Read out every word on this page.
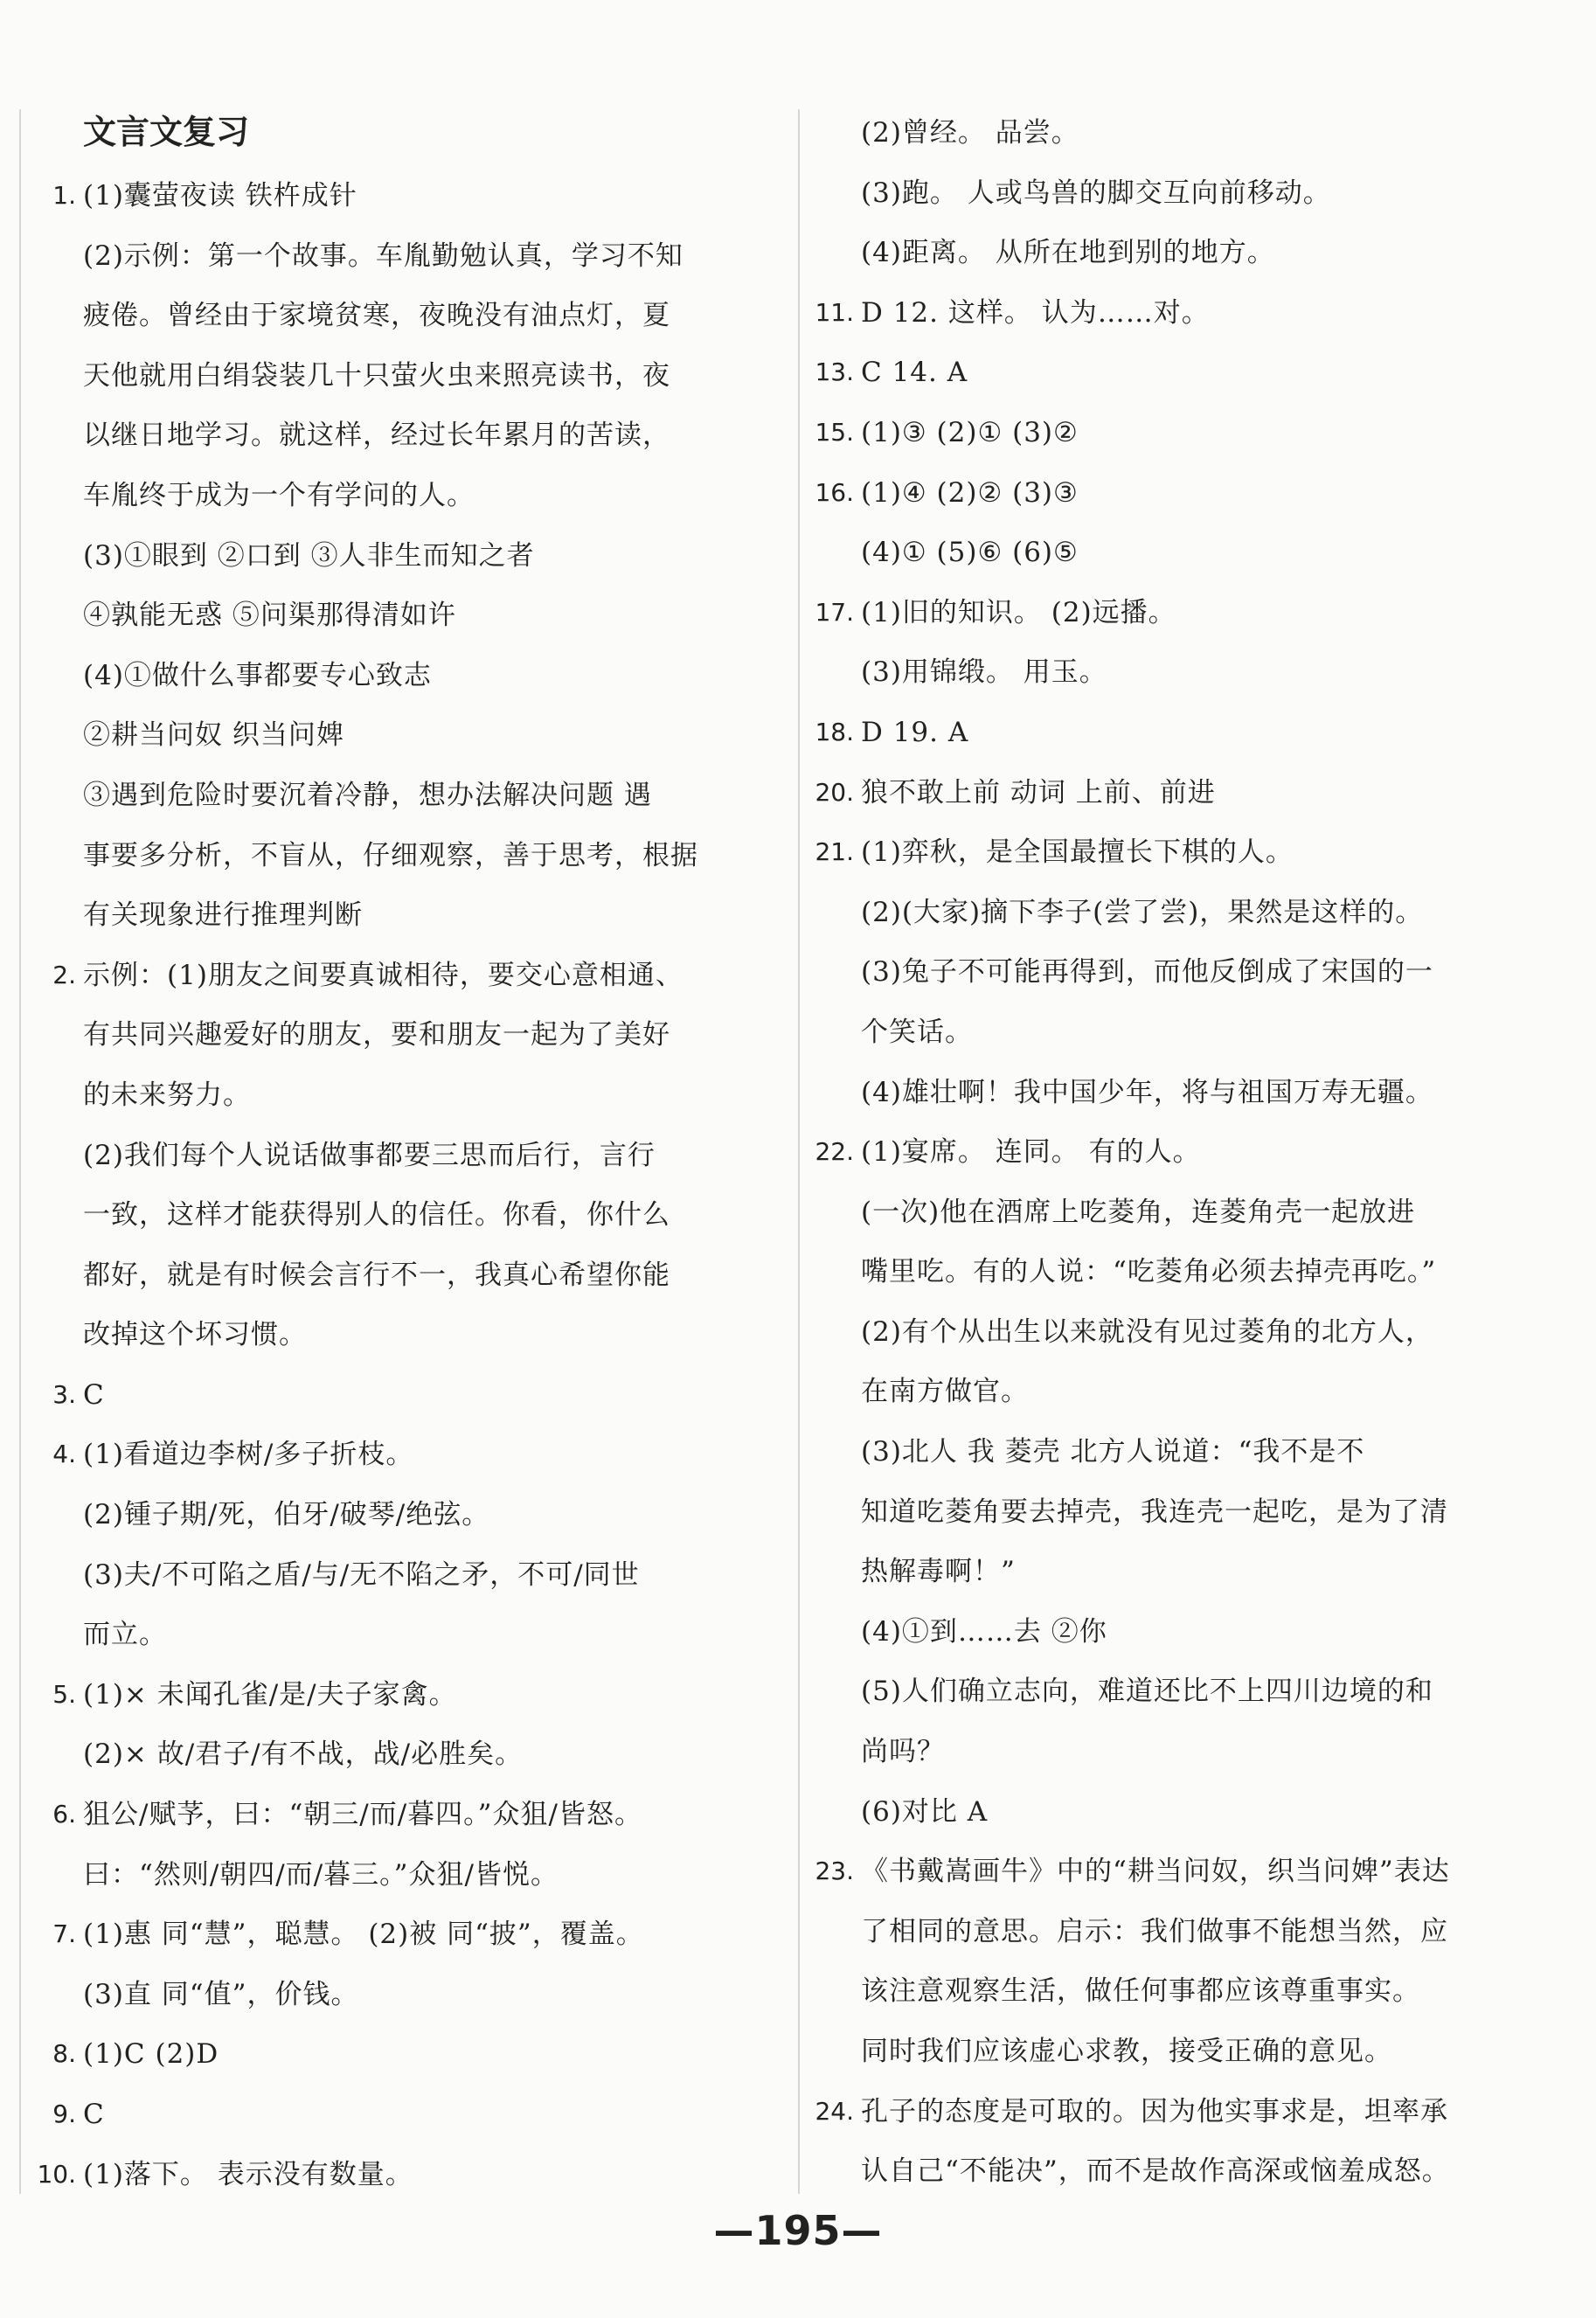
文言文复习
1. (1)囊萤夜读 铁杵成针
(2)示例：第一个故事。车胤勤勉认真，学习不知
疲倦。曾经由于家境贫寒，夜晚没有油点灯，夏
天他就用白绢袋装几十只萤火虫来照亮读书，夜
以继日地学习。就这样，经过长年累月的苦读，
车胤终于成为一个有学问的人。
(3)①眼到 ②口到 ③人非生而知之者
④孰能无惑 ⑤问渠那得清如许
(4)①做什么事都要专心致志
②耕当问奴 织当问婢
③遇到危险时要沉着冷静，想办法解决问题 遇
事要多分析，不盲从，仔细观察，善于思考，根据
有关现象进行推理判断
2. 示例：(1)朋友之间要真诚相待，要交心意相通、
有共同兴趣爱好的朋友，要和朋友一起为了美好
的未来努力。
(2)我们每个人说话做事都要三思而后行，言行
一致，这样才能获得别人的信任。你看，你什么
都好，就是有时候会言行不一，我真心希望你能
改掉这个坏习惯。
3. C
4. (1)看道边李树/多子折枝。
(2)锺子期/死，伯牙/破琴/绝弦。
(3)夫/不可陷之盾/与/无不陷之矛，不可/同世
而立。
5. (1)× 未闻孔雀/是/夫子家禽。
(2)× 故/君子/有不战，战/必胜矣。
6. 狙公/赋芧，曰：“朝三/而/暮四。”众狙/皆怒。
曰：“然则/朝四/而/暮三。”众狙/皆悦。
7. (1)惠 同“慧”，聪慧。 (2)被 同“披”，覆盖。
(3)直 同“值”，价钱。
8. (1)C (2)D
9. C
10. (1)落下。 表示没有数量。
(2)曾经。 品尝。
(3)跑。 人或鸟兽的脚交互向前移动。
(4)距离。 从所在地到别的地方。
11. D 12. 这样。 认为……对。
13. C 14. A
15. (1)③ (2)① (3)②
16. (1)④ (2)② (3)③
(4)① (5)⑥ (6)⑤
17. (1)旧的知识。 (2)远播。
(3)用锦缎。 用玉。
18. D 19. A
20. 狼不敢上前 动词 上前、前进
21. (1)弈秋，是全国最擅长下棋的人。
(2)(大家)摘下李子(尝了尝)，果然是这样的。
(3)兔子不可能再得到，而他反倒成了宋国的一
个笑话。
(4)雄壮啊！我中国少年，将与祖国万寿无疆。
22. (1)宴席。 连同。 有的人。
(一次)他在酒席上吃菱角，连菱角壳一起放进
嘴里吃。有的人说：“吃菱角必须去掉壳再吃。”
(2)有个从出生以来就没有见过菱角的北方人，
在南方做官。
(3)北人 我 菱壳 北方人说道：“我不是不
知道吃菱角要去掉壳，我连壳一起吃，是为了清
热解毒啊！”
(4)①到……去 ②你
(5)人们确立志向，难道还比不上四川边境的和
尚吗？
(6)对比 A
23. 《书戴嵩画牛》中的“耕当问奴，织当问婢”表达
了相同的意思。启示：我们做事不能想当然，应
该注意观察生活，做任何事都应该尊重事实。
同时我们应该虚心求教，接受正确的意见。
24. 孔子的态度是可取的。因为他实事求是，坦率承
认自己“不能决”，而不是故作高深或恼羞成怒。
—195—
